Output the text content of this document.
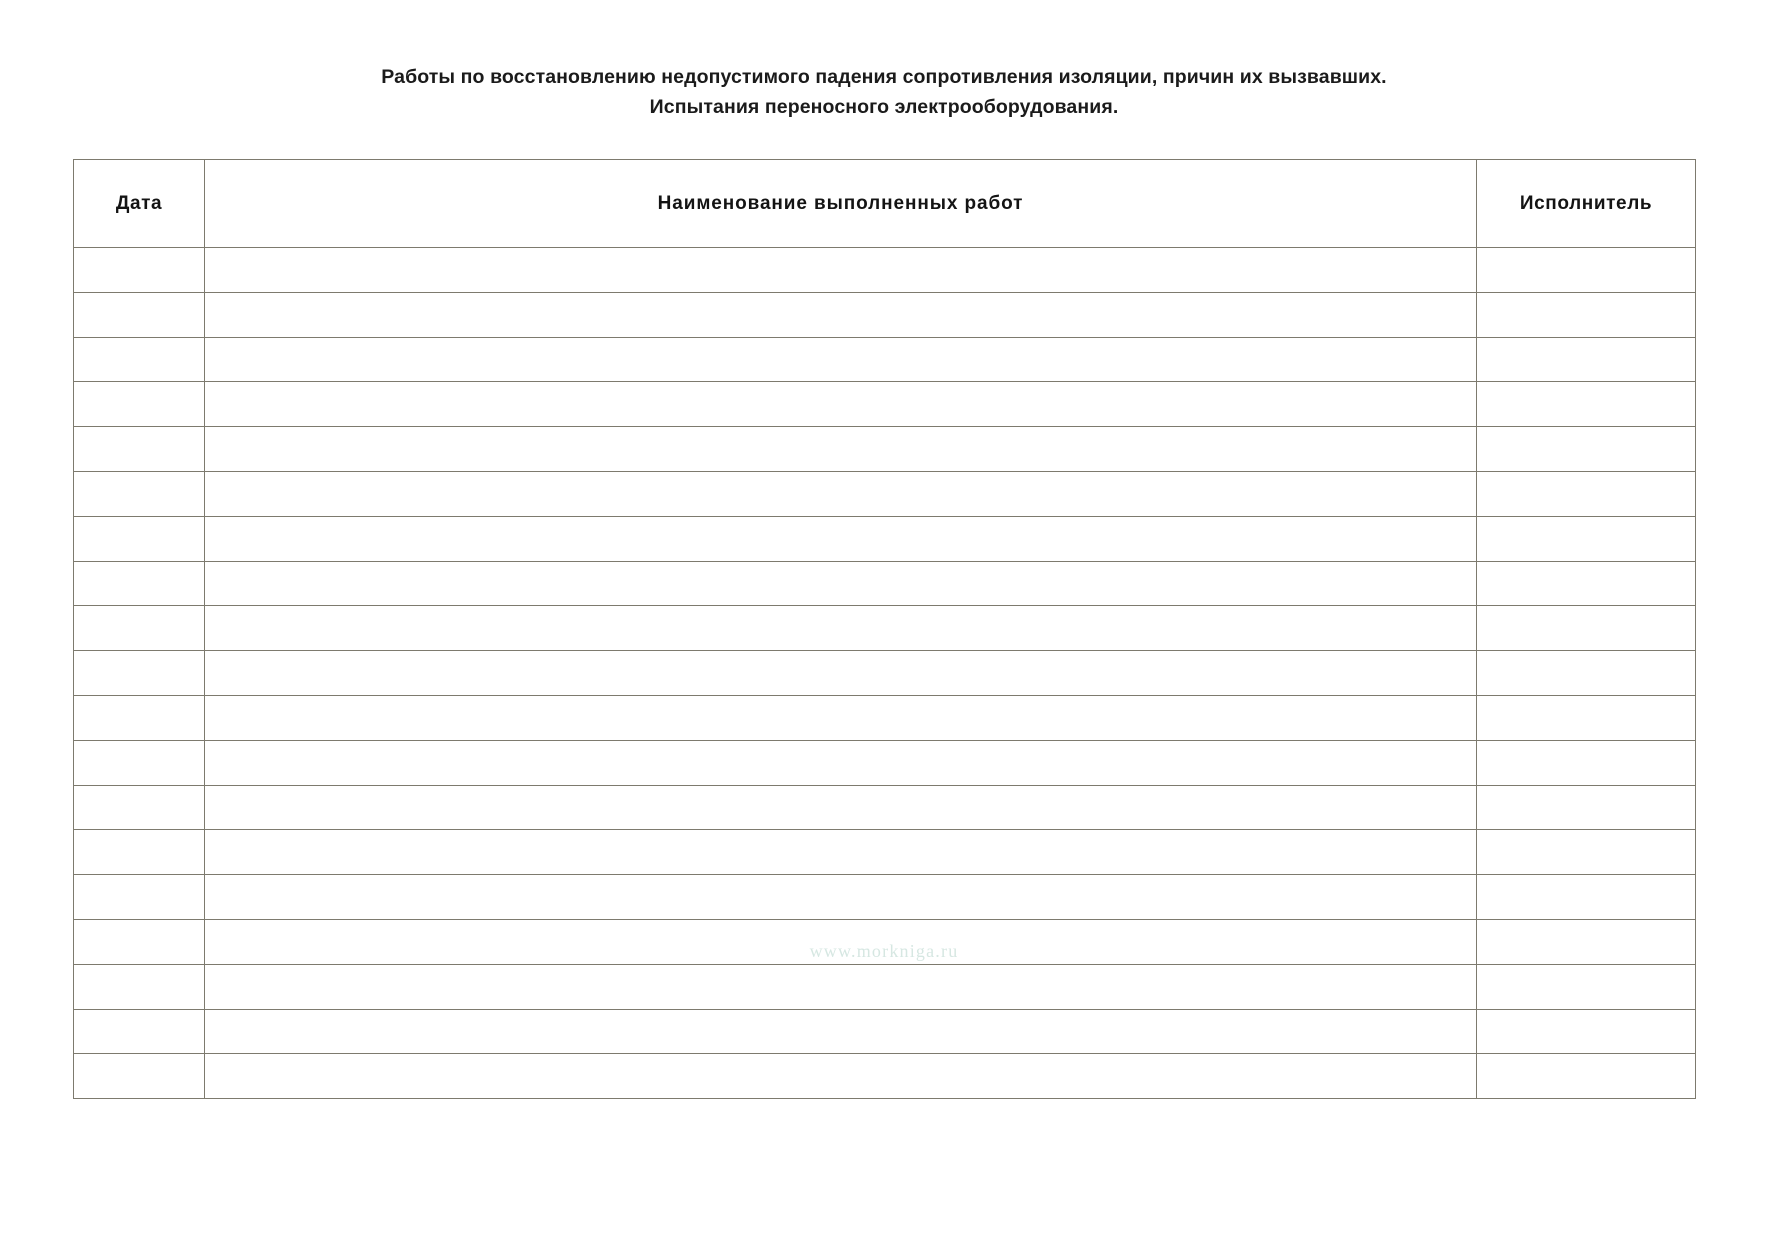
Работы по восстановлению недопустимого падения сопротивления изоляции, причин их вызвавших.
Испытания переносного электрооборудования.
Дата	Наименование выполненных работ	Исполнитель

www.morkniga.ru
